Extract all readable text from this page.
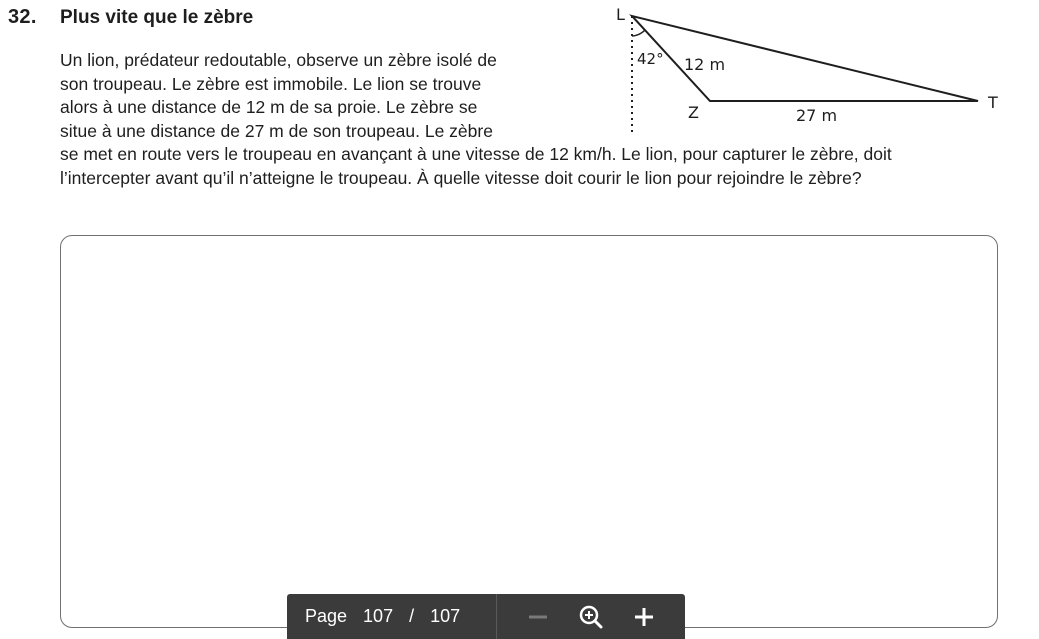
32. Plus vite que le zèbre

Un lion, prédateur redoutable, observe un zèbre isolé de
son troupeau. Le zèbre est immobile. Le lion se trouve
alors à une distance de 12 m de sa proie. Le zèbre se
situe à une distance de 27 m de son troupeau. Le zèbre

se met en route vers le troupeau en avançant à une vitesse de 12 km/h. Le lion, pour capturer le zèbre, doit
l’intercepter avant qu’il n’atteigne le troupeau. À quelle vitesse doit courir le lion pour rejoindre le zèbre?

L
Z
T
42° 12 m
27 m
Page 107 / 107
